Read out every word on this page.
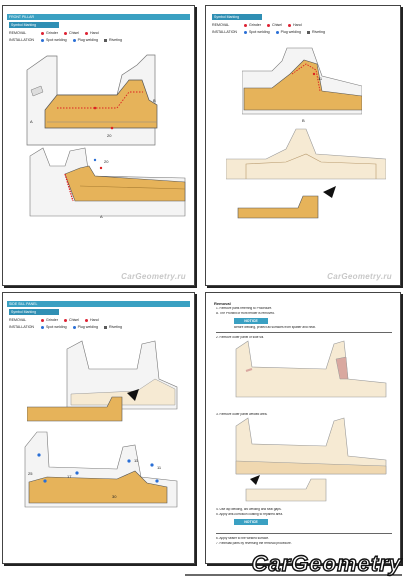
FRONT PILLAR
Symbol Marking
REMOVAL	Grinder	Chisel	Hand
INSTALLATION	Spot welding	Plug welding	Riveting
A
B
20
A
20
CarGeometry.ru
Symbol Marking
REMOVAL	Grinder	Chisel	Hand
INSTALLATION	Spot welding	Plug welding	Riveting
B
11
CarGeometry.ru
SIDE SILL PANEL
Symbol Marking
REMOVAL	Grinder	Chisel	Hand
INSTALLATION	Spot welding	Plug welding	Riveting
17
11
11
25
30
Removal
1. Remove parts referring to Procedure.
a. The Prohibit of front fender is removed.
NOTICE
Before welding, protect all surfaces from spatter and heat.
2. Remove outer panel of side sill.
3. Remove outer panel welded area.
4. Use lap welding, arc welding and seal gaps.
5. Apply anti-corrosion coating to repaired area.
NOTICE
6. Apply sealer to the welded surface.
7. Reinstall parts by reversing the removal procedure.
CarGeometry
